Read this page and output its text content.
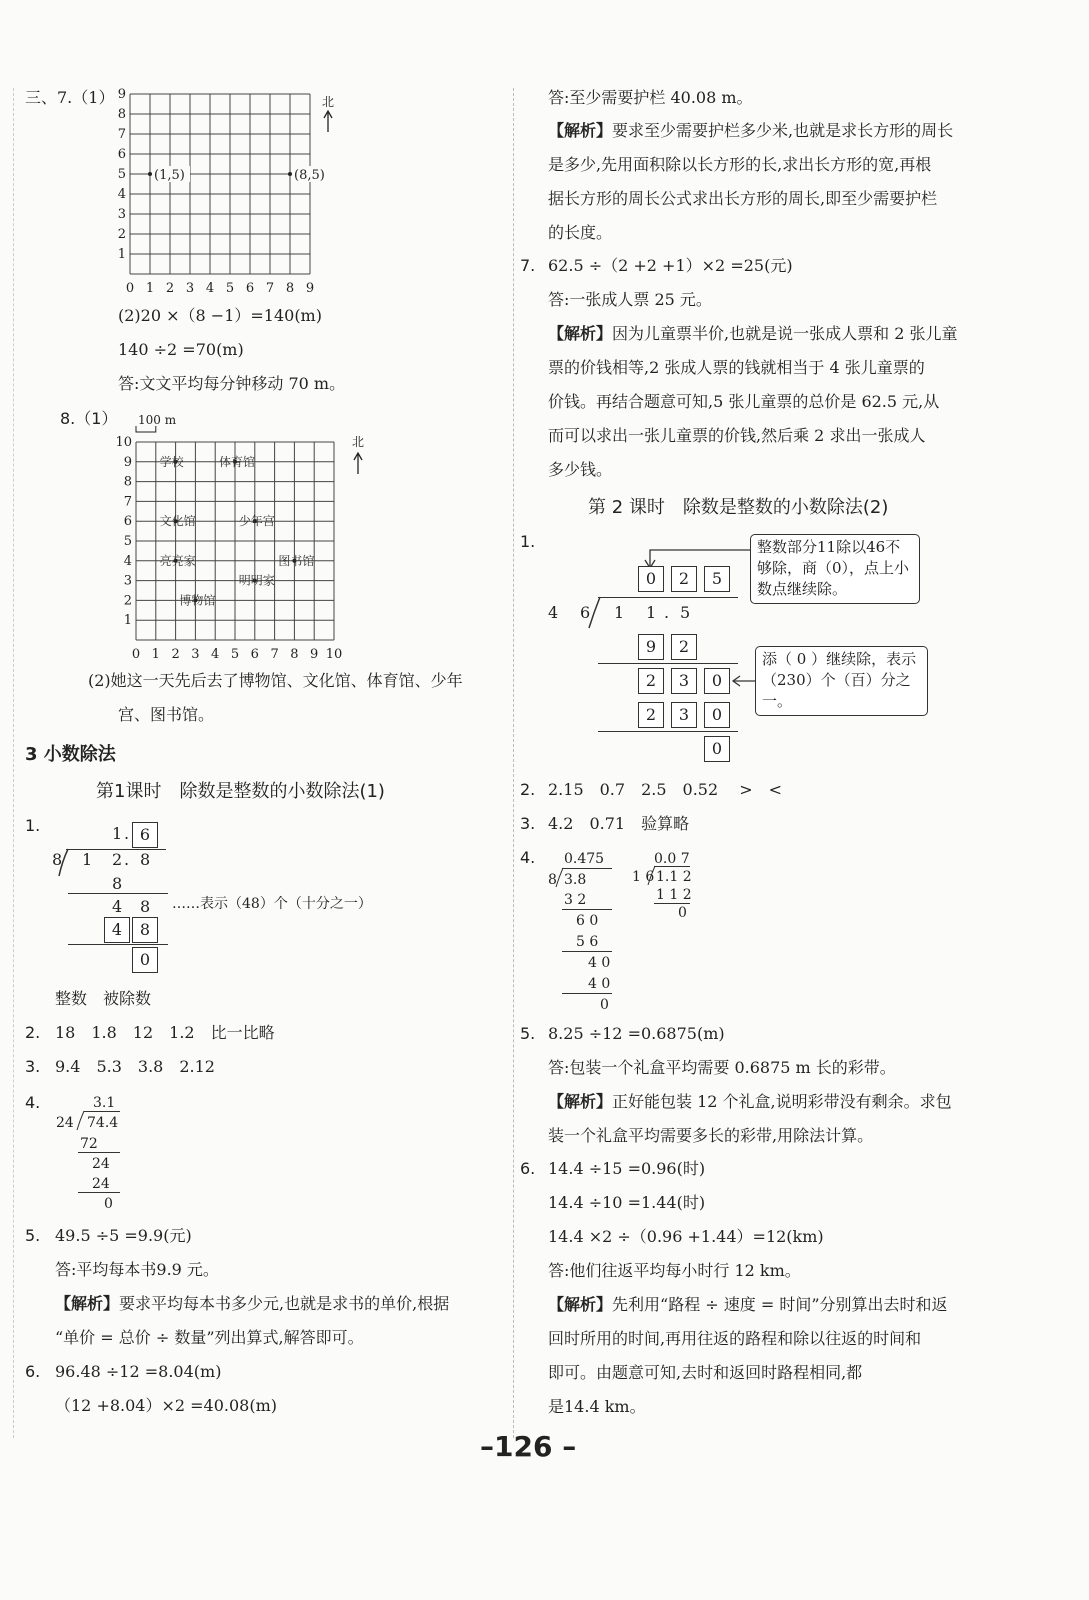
三、7.（1） 9
8
7
6
5
4
3
2
1
0 1 2 3 4 5 6 7 8 9
(1,5)	(8,5)
北
(2)20 ×（8 −1）=140(m)
140 ÷2 =70(m)
答:文文平均每分钟移动 70 m。
8.（1）
10
9
8
7
6
5
4
3
2
1
0 1 2 3 4 5 6 7 8 9 10
100 m
学校	体育馆
文化馆	少年宫
亮亮家	图书馆
明明家
博物馆
北
(2)她这一天先后去了博物馆、文化馆、体育馆、少年
宫、图书馆。
3 小数除法
第1课时　除数是整数的小数除法(1)
1.	1 . 6
8 1 2 . 8
8
4 8 ……表示（48）个（十分之一）
4	8
0
整数　被除数
2. 18　1.8　12　1.2　比一比略
3. 9.4　5.3　3.8　2.12
4.	3.1
24 74.4
72
24
24
0
5. 49.5 ÷5 =9.9(元)
答:平均每本书9.9 元。
【解析】要求平均每本书多少元,也就是求书的单价,根据
“单价 = 总价 ÷ 数量”列出算式,解答即可。
6. 96.48 ÷12 =8.04(m)
（12 +8.04）×2 =40.08(m)
答:至少需要护栏 40.08 m。
【解析】要求至少需要护栏多少米,也就是求长方形的周长
是多少,先用面积除以长方形的长,求出长方形的宽,再根
据长方形的周长公式求出长方形的周长,即至少需要护栏
的长度。
7. 62.5 ÷（2 +2 +1）×2 =25(元)
答:一张成人票 25 元。
【解析】因为儿童票半价,也就是说一张成人票和 2 张儿童
票的价钱相等,2 张成人票的钱就相当于 4 张儿童票的
价钱。再结合题意可知,5 张儿童票的总价是 62.5 元,从
而可以求出一张儿童票的价钱,然后乘 2 求出一张成人
多少钱。
第 2 课时　除数是整数的小数除法(2)
1.
0	2	5
整数部分11除以46不够除，商（0），点上小数点继续除。
4 6 1 1 . 5
9	2
2	3	0
添（ 0 ）继续除，表示（230）个（百）分之一。
2	3	0
0
2. 2.15　0.7　2.5　0.52　 >　<
3. 4.2　0.71　验算略
4. 0.475
8 3.8
3 2
6 0
5 6
4 0
4 0
0
0.0 7
1 6 1.1 2
1 1 2
0
5. 8.25 ÷12 =0.6875(m)
答:包装一个礼盒平均需要 0.6875 m 长的彩带。
【解析】正好能包装 12 个礼盒,说明彩带没有剩余。求包
装一个礼盒平均需要多长的彩带,用除法计算。
6. 14.4 ÷15 =0.96(时)
14.4 ÷10 =1.44(时)
14.4 ×2 ÷（0.96 +1.44）=12(km)
答:他们往返平均每小时行 12 km。
【解析】先利用“路程 ÷ 速度 = 时间”分别算出去时和返
回时所用的时间,再用往返的路程和除以往返的时间和
即可。由题意可知,去时和返回时路程相同,都
是14.4 km。
–126 –
